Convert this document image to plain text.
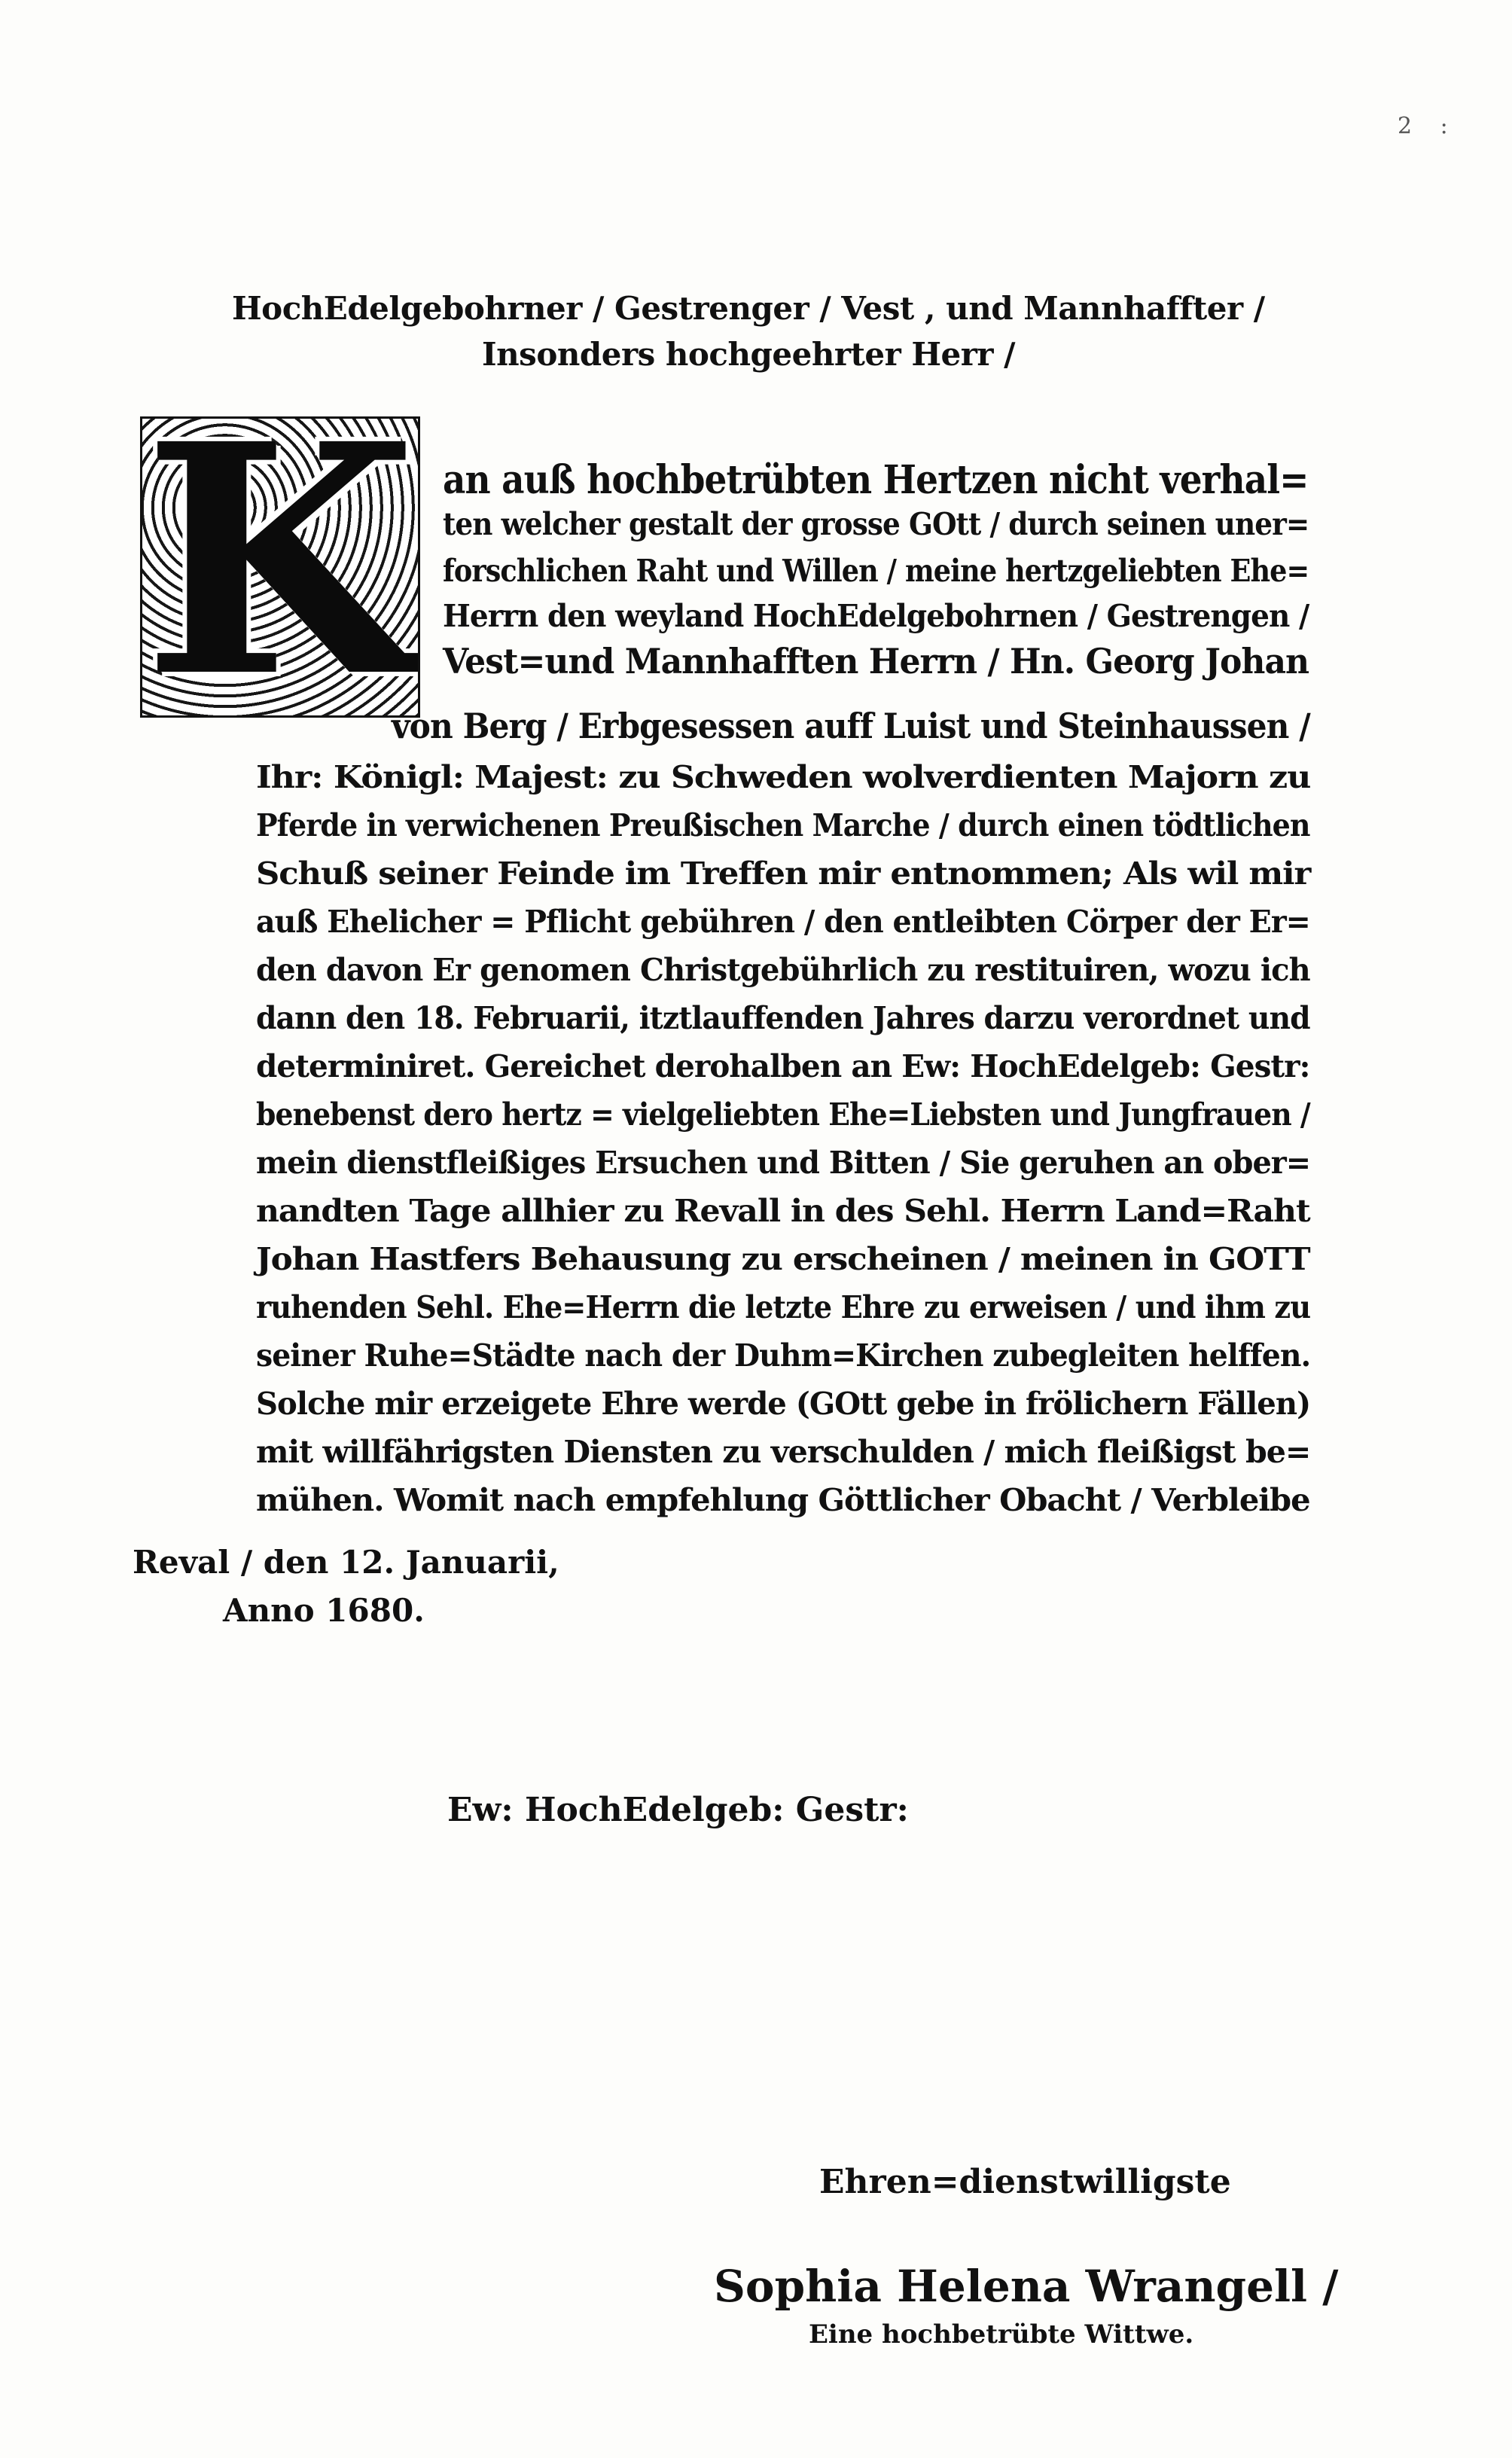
2 :
HochEdelgebohrner / Gestrenger / Vest , und Mannhaffter /
Insonders hochgeehrter Herr /
K an auß hochbetrübten Hertzen nicht verhal=
ten welcher gestalt der grosse GOtt / durch seinen uner=
forschlichen Raht und Willen / meine hertzgeliebten Ehe=
Herrn den weyland HochEdelgebohrnen / Gestrengen /
Vest=und Mannhafften Herrn / Hn. Georg Johan
von Berg / Erbgesessen auff Luist und Steinhaussen /
Ihr: Königl: Majest: zu Schweden wolverdienten Majorn zu
Pferde in verwichenen Preußischen Marche / durch einen tödtlichen
Schuß seiner Feinde im Treffen mir entnommen; Als wil mir
auß Ehelicher = Pflicht gebühren / den entleibten Cörper der Er=
den davon Er genomen Christgebührlich zu restituiren, wozu ich
dann den 18. Februarii, itztlauffenden Jahres darzu verordnet und
determiniret. Gereichet derohalben an Ew: HochEdelgeb: Gestr:
benebenst dero hertz = vielgeliebten Ehe=Liebsten und Jungfrauen /
mein dienstfleißiges Ersuchen und Bitten / Sie geruhen an ober=
nandten Tage allhier zu Revall in des Sehl. Herrn Land=Raht
Johan Hastfers Behausung zu erscheinen / meinen in GOTT
ruhenden Sehl. Ehe=Herrn die letzte Ehre zu erweisen / und ihm zu
seiner Ruhe=Städte nach der Duhm=Kirchen zubegleiten helffen.
Solche mir erzeigete Ehre werde (GOtt gebe in frölichern Fällen)
mit willfährigsten Diensten zu verschulden / mich fleißigst be=
mühen. Womit nach empfehlung Göttlicher Obacht / Verbleibe
Reval / den 12. Januarii,
Anno 1680.
Ew: HochEdelgeb: Gestr:
Ehren=dienstwilligste
Sophia Helena Wrangell /
Eine hochbetrübte Wittwe.
